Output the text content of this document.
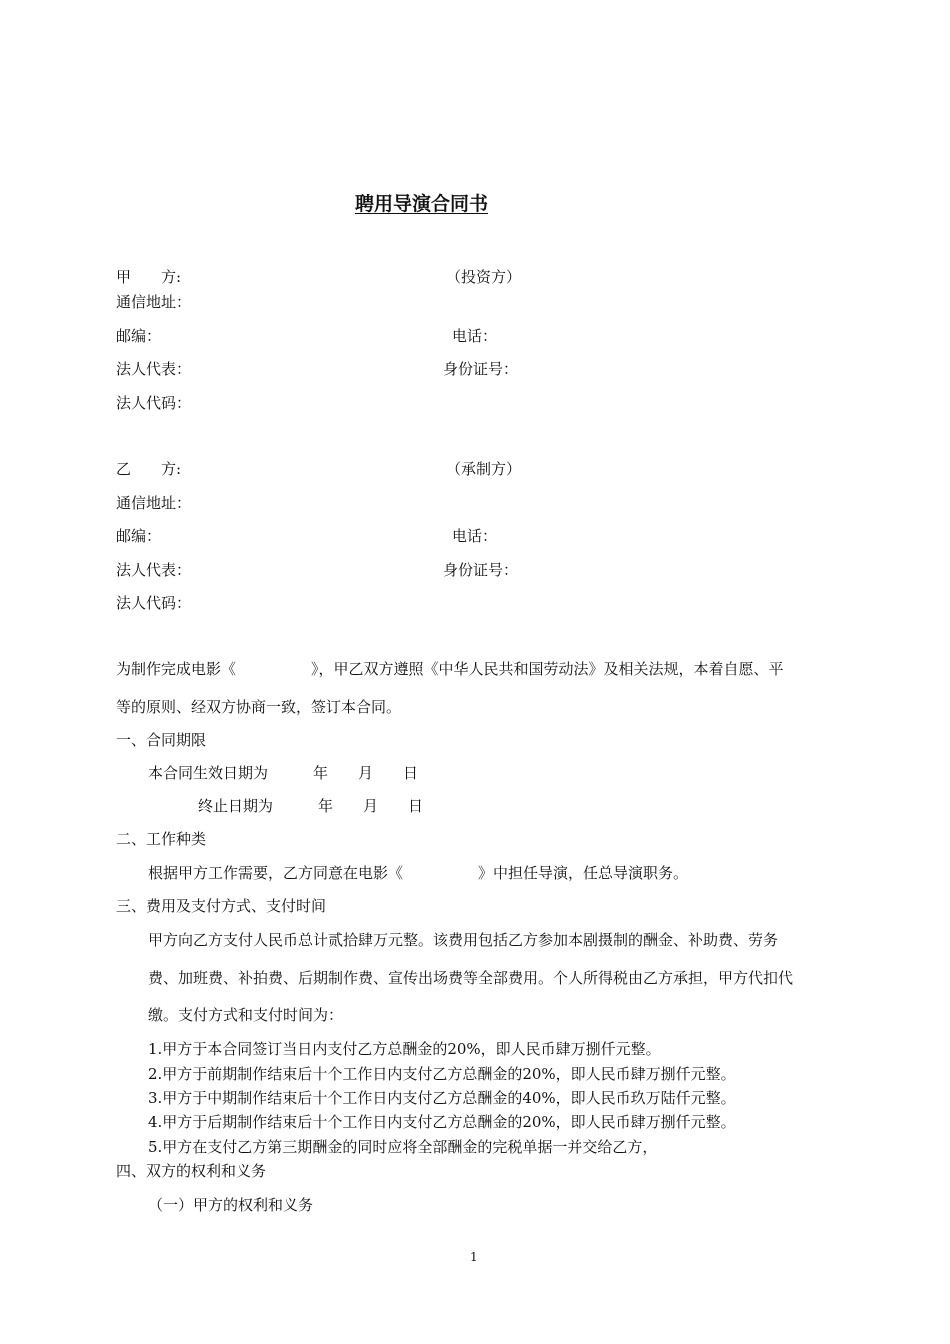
聘用导演合同书
甲　　方:	（投资方）
通信地址：
邮编：	电话：
法人代表：	身份证号：
法人代码：
乙　　方:	（承制方）
通信地址：
邮编：	电话：
法人代表：	身份证号：
法人代码：
为制作完成电影《　　　　　》，甲乙双方遵照《中华人民共和国劳动法》及相关法规，本着自愿、平
等的原则、经双方协商一致，签订本合同。
一、合同期限
本合同生效日期为　　　年　　月　　日
终止日期为　　　年　　月　　日
二、工作种类
根据甲方工作需要，乙方同意在电影《　　　　　》中担任导演，任总导演职务。
三、费用及支付方式、支付时间
甲方向乙方支付人民币总计贰拾肆万元整。该费用包括乙方参加本剧摄制的酬金、补助费、劳务
费、加班费、补拍费、后期制作费、宣传出场费等全部费用。个人所得税由乙方承担，甲方代扣代
缴。支付方式和支付时间为：
1.甲方于本合同签订当日内支付乙方总酬金的20%，即人民币肆万捌仟元整。
2.甲方于前期制作结束后十个工作日内支付乙方总酬金的20%，即人民币肆万捌仟元整。
3.甲方于中期制作结束后十个工作日内支付乙方总酬金的40%，即人民币玖万陆仟元整。
4.甲方于后期制作结束后十个工作日内支付乙方总酬金的20%，即人民币肆万捌仟元整。
5.甲方在支付乙方第三期酬金的同时应将全部酬金的完税单据一并交给乙方，
四、双方的权利和义务
（一）甲方的权利和义务
1
